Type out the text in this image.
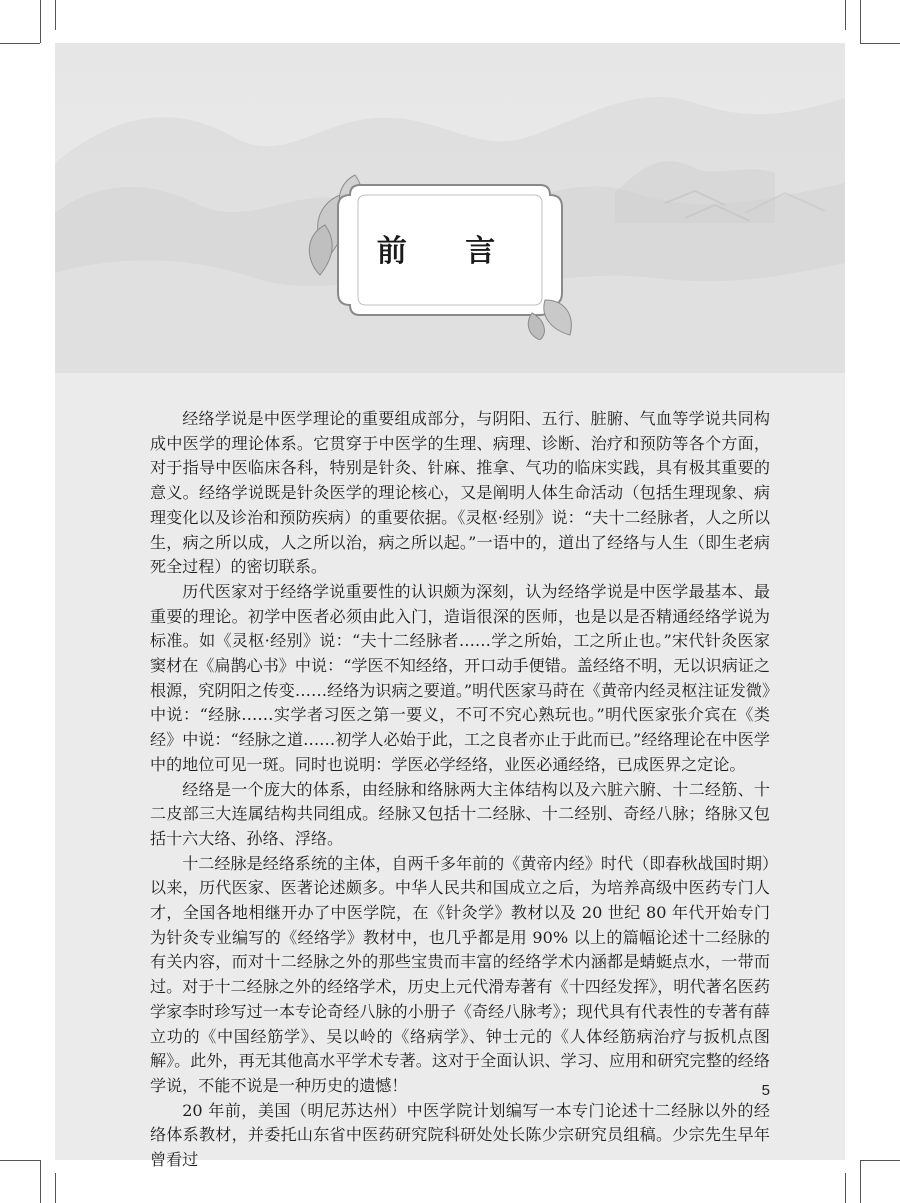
前 言

经络学说是中医学理论的重要组成部分，与阴阳、五行、脏腑、气血等学说共同构成中医学的理论体系。它贯穿于中医学的生理、病理、诊断、治疗和预防等各个方面，对于指导中医临床各科，特别是针灸、针麻、推拿、气功的临床实践，具有极其重要的意义。经络学说既是针灸医学的理论核心，又是阐明人体生命活动（包括生理现象、病理变化以及诊治和预防疾病）的重要依据。《灵枢·经别》说：“夫十二经脉者，人之所以生，病之所以成，人之所以治，病之所以起。”一语中的，道出了经络与人生（即生老病死全过程）的密切联系。

历代医家对于经络学说重要性的认识颇为深刻，认为经络学说是中医学最基本、最重要的理论。初学中医者必须由此入门，造诣很深的医师，也是以是否精通经络学说为标准。如《灵枢·经别》说：“夫十二经脉者……学之所始，工之所止也。”宋代针灸医家窦材在《扁鹊心书》中说：“学医不知经络，开口动手便错。盖经络不明，无以识病证之根源，究阴阳之传变……经络为识病之要道。”明代医家马莳在《黄帝内经灵枢注证发微》中说：“经脉……实学者习医之第一要义，不可不究心熟玩也。”明代医家张介宾在《类经》中说：“经脉之道……初学人必始于此，工之良者亦止于此而已。”经络理论在中医学中的地位可见一斑。同时也说明：学医必学经络，业医必通经络，已成医界之定论。

经络是一个庞大的体系，由经脉和络脉两大主体结构以及六脏六腑、十二经筋、十二皮部三大连属结构共同组成。经脉又包括十二经脉、十二经别、奇经八脉；络脉又包括十六大络、孙络、浮络。

十二经脉是经络系统的主体，自两千多年前的《黄帝内经》时代（即春秋战国时期）以来，历代医家、医著论述颇多。中华人民共和国成立之后，为培养高级中医药专门人才，全国各地相继开办了中医学院，在《针灸学》教材以及 20 世纪 80 年代开始专门为针灸专业编写的《经络学》教材中，也几乎都是用 90% 以上的篇幅论述十二经脉的有关内容，而对十二经脉之外的那些宝贵而丰富的经络学术内涵都是蜻蜓点水，一带而过。对于十二经脉之外的经络学术，历史上元代滑寿著有《十四经发挥》，明代著名医药学家李时珍写过一本专论奇经八脉的小册子《奇经八脉考》；现代具有代表性的专著有薛立功的《中国经筋学》、吴以岭的《络病学》、钟士元的《人体经筋病治疗与扳机点图解》。此外，再无其他高水平学术专著。这对于全面认识、学习、应用和研究完整的经络学说，不能不说是一种历史的遗憾！

20 年前，美国（明尼苏达州）中医学院计划编写一本专门论述十二经脉以外的经络体系教材，并委托山东省中医药研究院科研处处长陈少宗研究员组稿。少宗先生早年曾看过

5
